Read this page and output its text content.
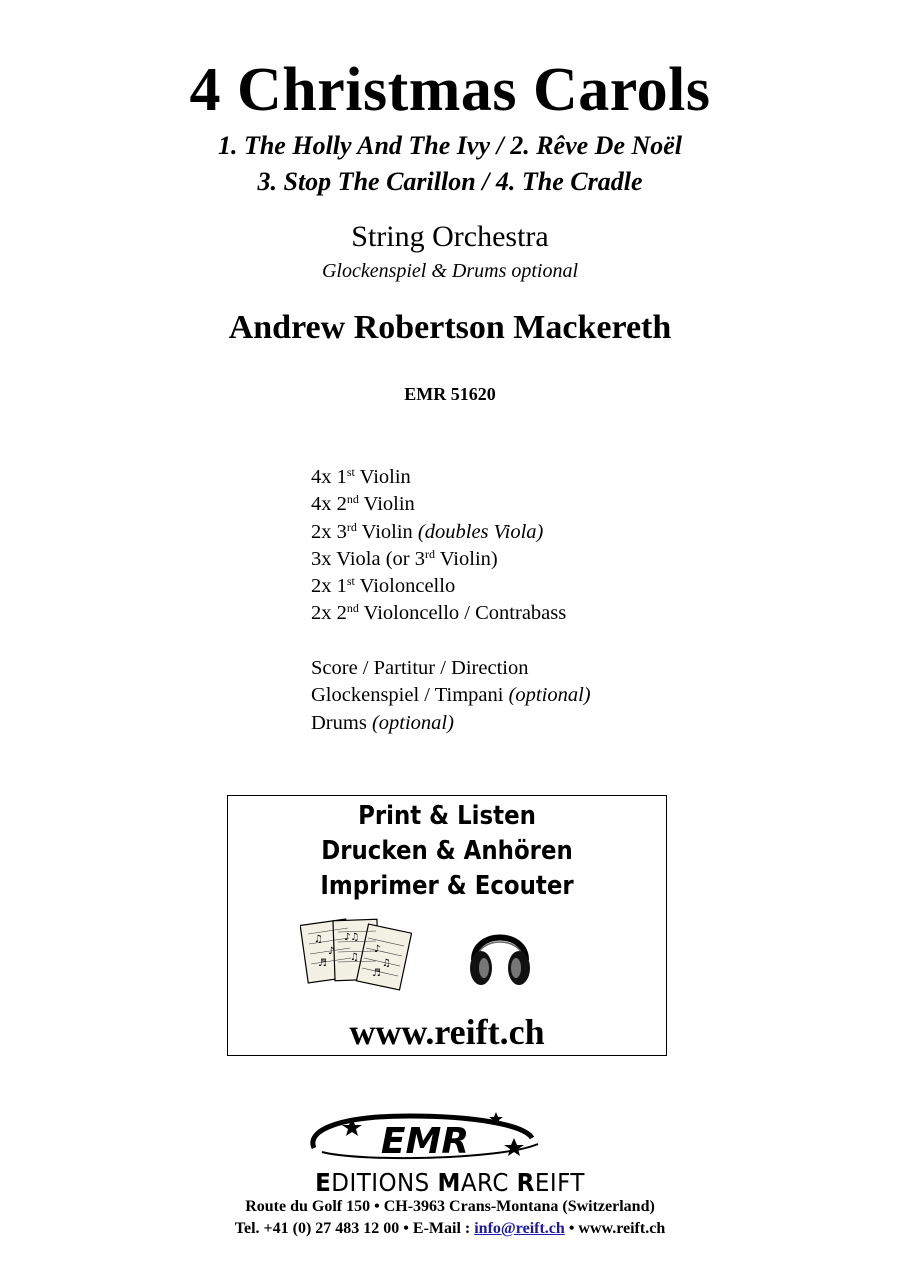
4 Christmas Carols
1. The Holly And The Ivy / 2. Rêve De Noël
3. Stop The Carillon / 4. The Cradle
String Orchestra
Glockenspiel & Drums optional
Andrew Robertson Mackereth
EMR 51620
4x 1st Violin
4x 2nd Violin
2x 3rd Violin (doubles Viola)
3x Viola (or 3rd Violin)
2x 1st Violoncello
2x 2nd Violoncello / Contrabass
Score / Partitur / Direction
Glockenspiel / Timpani (optional)
Drums (optional)
Print & Listen
Drucken & Anhören
Imprimer & Ecouter
♫
♪
♬
♪♫
♫
♪
♫
♬
www.reift.ch
EMR
EDITIONS MARC REIFT
Route du Golf 150 • CH-3963 Crans-Montana (Switzerland)
Tel. +41 (0) 27 483 12 00 • E-Mail : info@reift.ch • www.reift.ch
